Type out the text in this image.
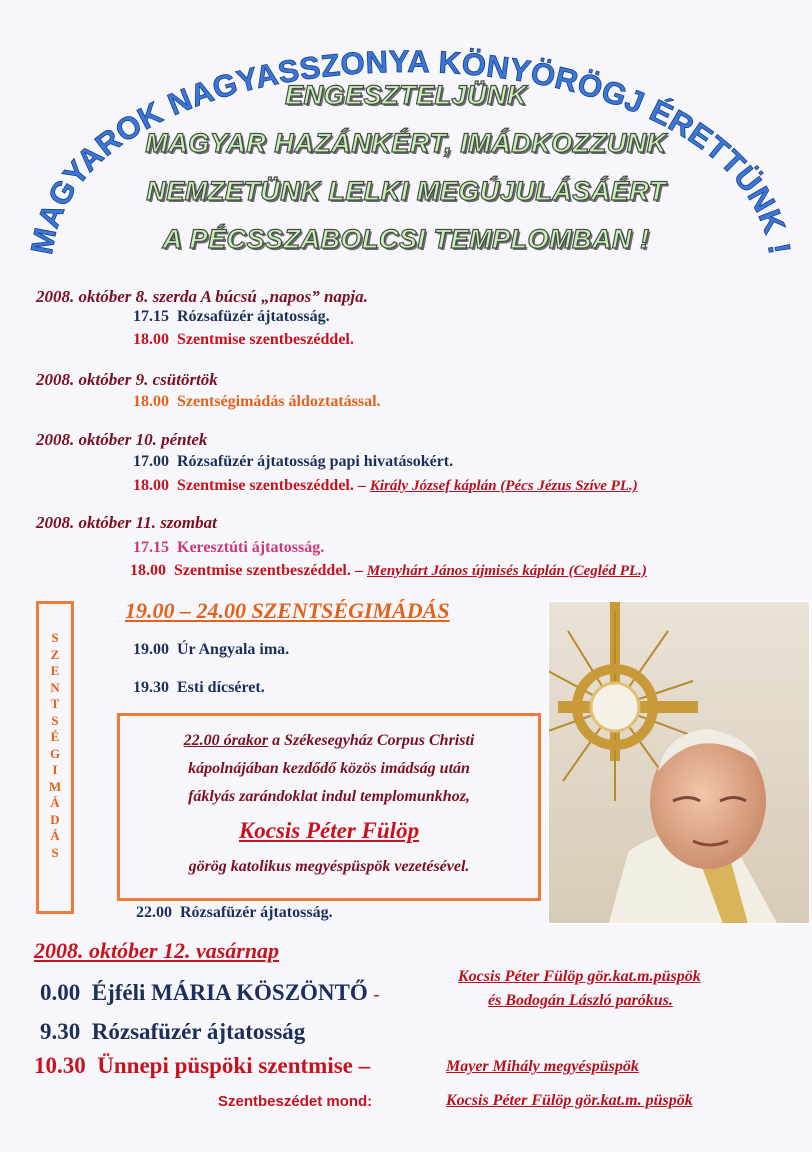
MAGYAROK NAGYASSZONYA KÖNYÖRÖGJ ÉRETTÜNK !
ENGESZTELJÜNK
MAGYAR HAZÁNKÉRT, IMÁDKOZZUNK
NEMZETÜNK LELKI MEGÚJULÁSÁÉRT
A PÉCSSZABOLCSI TEMPLOMBAN !
2008. október 8. szerda A búcsú „napos” napja.
17.15 Rózsafüzér ájtatosság.
18.00 Szentmise szentbeszéddel.
2008. október 9. csütörtök
18.00 Szentségimádás áldoztatással.
2008. október 10. péntek
17.00 Rózsafüzér ájtatosság papi hivatásokért.
18.00 Szentmise szentbeszéddel. – Király József káplán (Pécs Jézus Szíve PL.)
2008. október 11. szombat
17.15 Keresztúti ájtatosság.
18.00 Szentmise szentbeszéddel. – Menyhárt János újmisés káplán (Cegléd PL.)
S
Z
E
N
T
S
É
G
I
M
Á
D
Á
S
19.00 – 24.00 SZENTSÉGIMÁDÁS
19.00 Úr Angyala ima.
19.30 Esti dícséret.
22.00 órakor a Székesegyház Corpus Christi
kápolnájában kezdődő közös imádság után
fáklyás zarándoklat indul templomunkhoz,
Kocsis Péter Fülöp
görög katolikus megyéspüspök vezetésével.
22.00 Rózsafüzér ájtatosság.
2008. október 12. vasárnap
0.00 Éjféli MÁRIA KÖSZÖNTŐ -
Kocsis Péter Fülöp gör.kat.m.püspök
és Bodogán László parókus.
9.30 Rózsafüzér ájtatosság
10.30 Ünnepi püspöki szentmise –	Mayer Mihály megyéspüspök
Szentbeszédet mond:	Kocsis Péter Fülöp gör.kat.m. püspök
